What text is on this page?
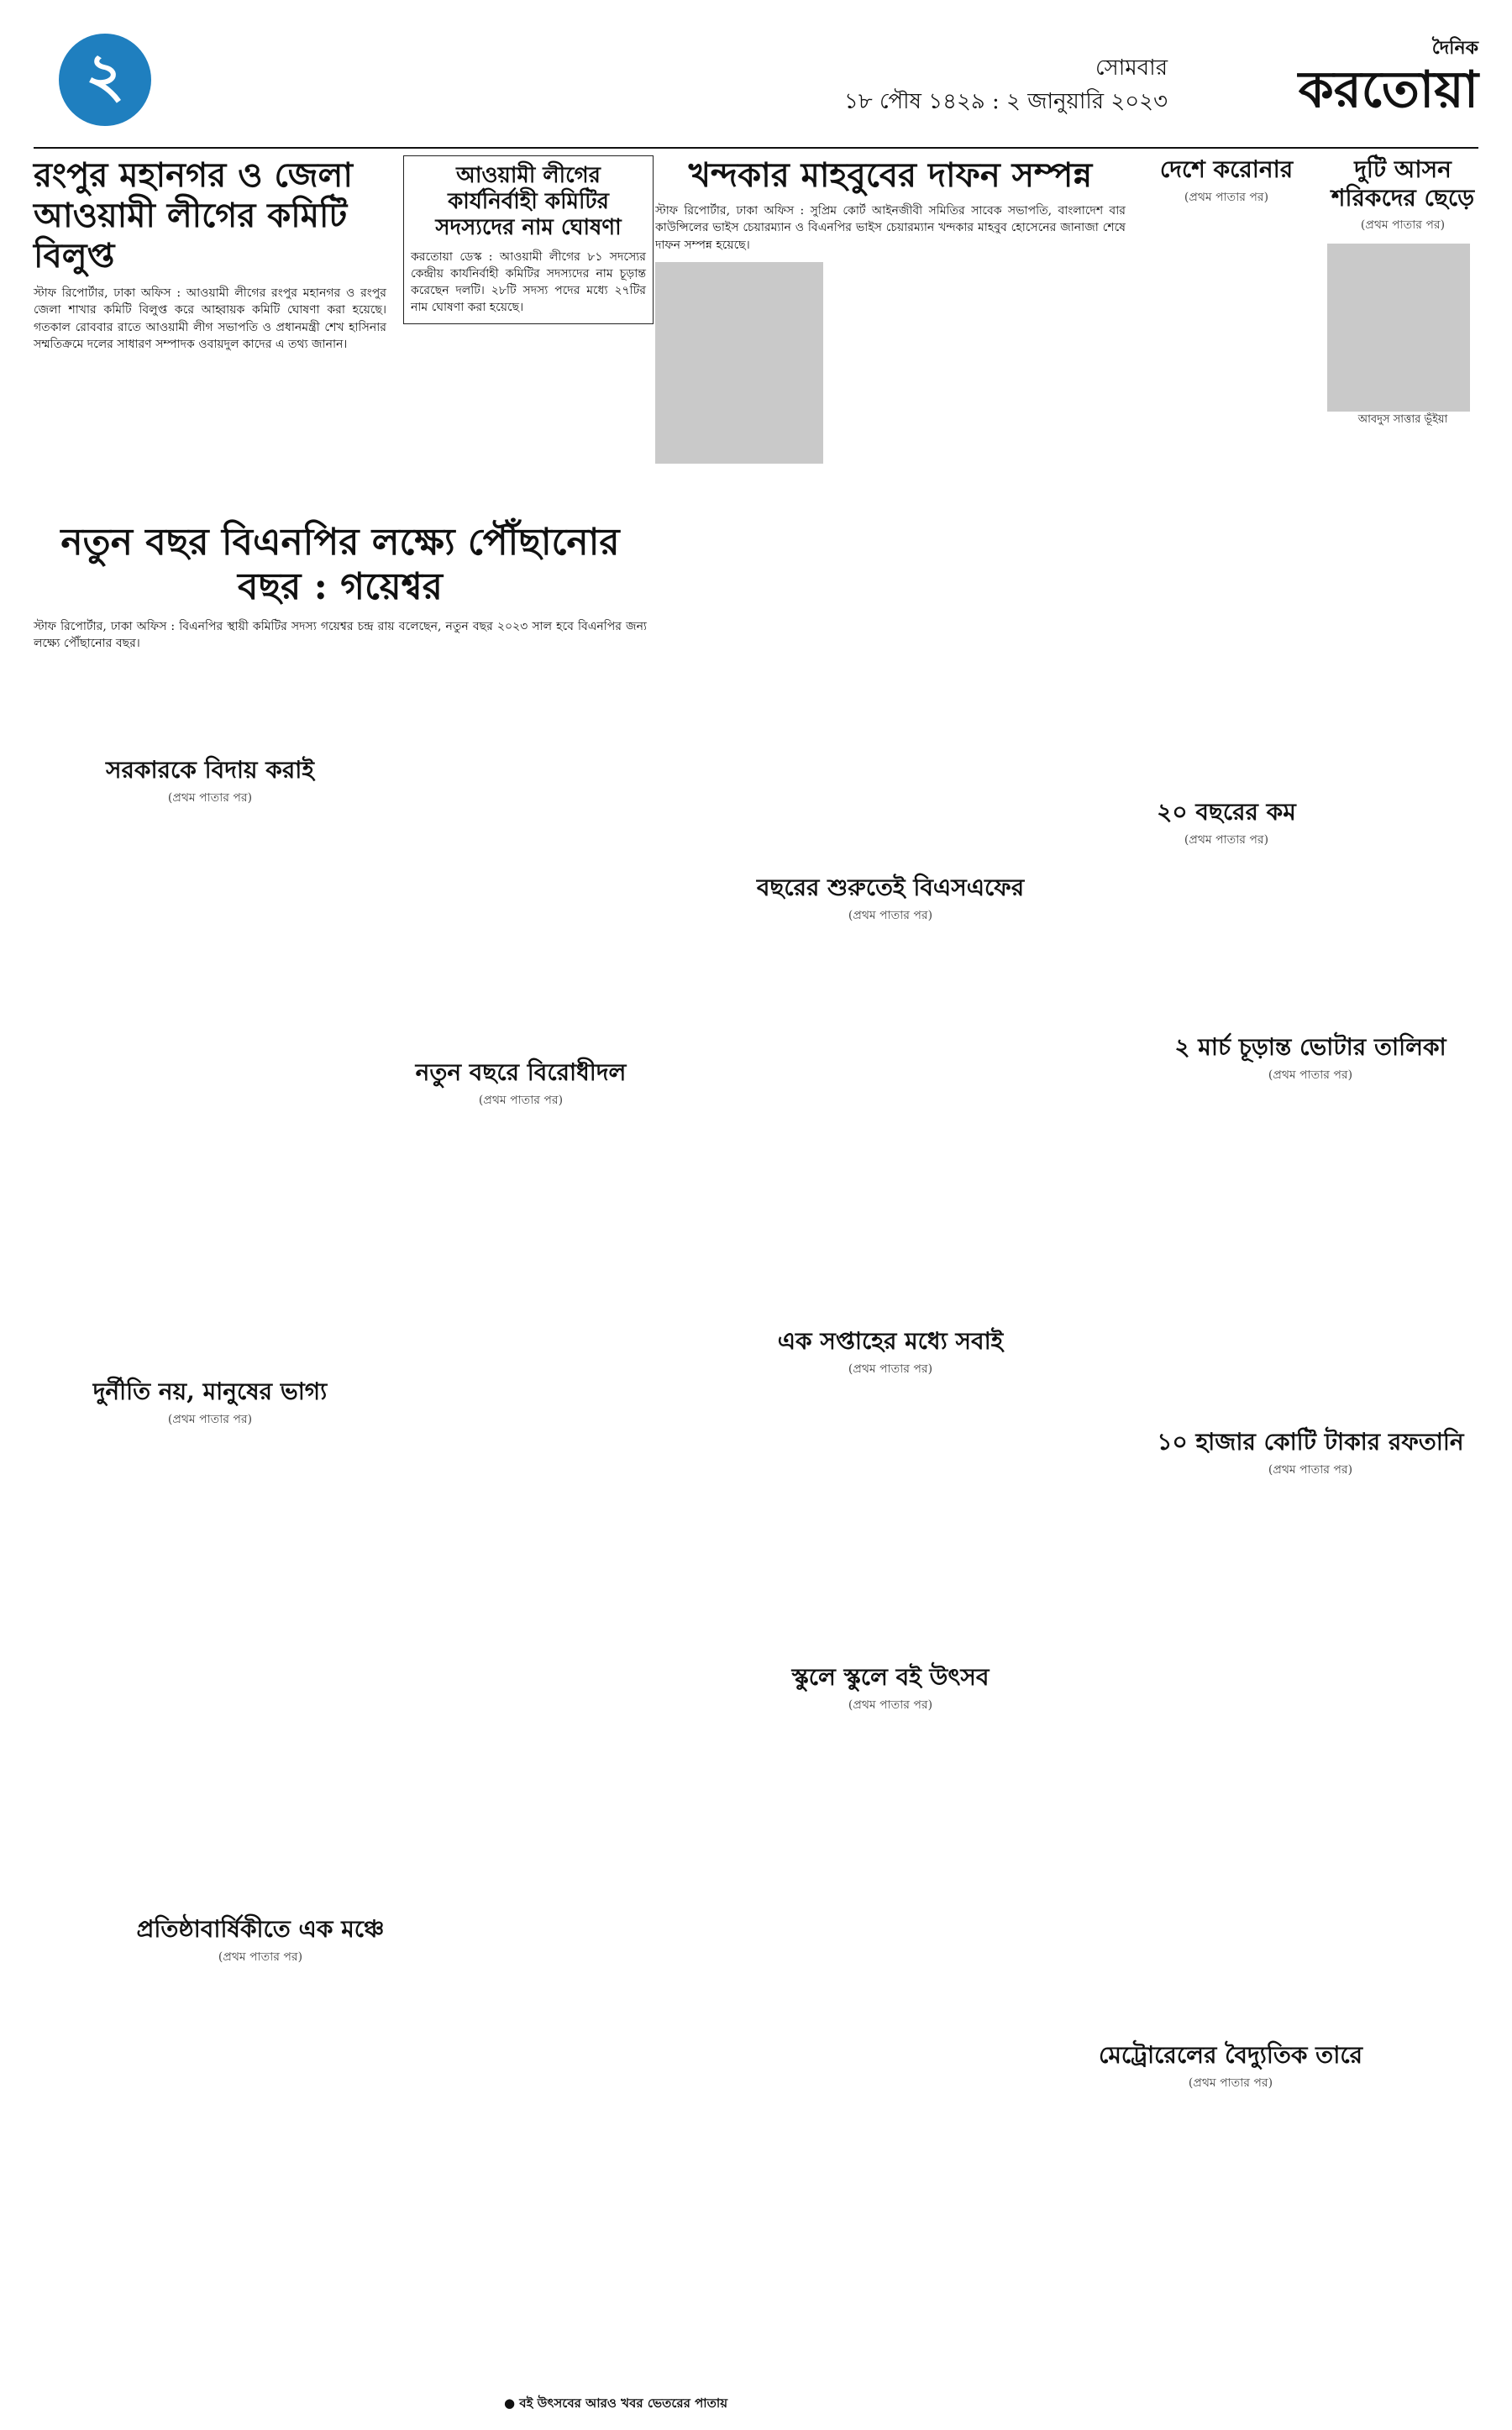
২	সোমবার
১৮ পৌষ ১৪২৯ : ২ জানুয়ারি ২০২৩
দৈনিক
করতোয়া
রংপুর মহানগর ও জেলা আওয়ামী লীগের কমিটি বিলুপ্ত
স্টাফ রিপোর্টার, ঢাকা অফিস : আওয়ামী লীগের রংপুর মহানগর ও রংপুর জেলা শাখার কমিটি বিলুপ্ত করে আহ্বায়ক কমিটি ঘোষণা করা হয়েছে। গতকাল রোববার রাতে আওয়ামী লীগ সভাপতি ও প্রধানমন্ত্রী শেখ হাসিনার সম্মতিক্রমে দলের সাধারণ সম্পাদক ওবায়দুল কাদের এ তথ্য জানান।
নতুন বছর বিএনপির লক্ষ্যে পৌঁছানোর বছর : গয়েশ্বর
স্টাফ রিপোর্টার, ঢাকা অফিস : বিএনপির স্থায়ী কমিটির সদস্য গয়েশ্বর চন্দ্র রায় বলেছেন, নতুন বছর ২০২৩ সাল হবে বিএনপির জন্য লক্ষ্যে পৌঁছানোর বছর।
সরকারকে বিদায় করাই
(প্রথম পাতার পর)
দুর্নীতি নয়, মানুষের ভাগ্য
(প্রথম পাতার পর)
প্রতিষ্ঠাবার্ষিকীতে এক মঞ্চে
(প্রথম পাতার পর)
আওয়ামী লীগের কার্যনির্বাহী কমিটির সদস্যদের নাম ঘোষণা
করতোয়া ডেস্ক : আওয়ামী লীগের ৮১ সদস্যের কেন্দ্রীয় কার্যনির্বাহী কমিটির সদস্যদের নাম চূড়ান্ত করেছেন দলটি। ২৮টি সদস্য পদের মধ্যে ২৭টির নাম ঘোষণা করা হয়েছে।
নতুন বছরে বিরোধীদল
(প্রথম পাতার পর)
খন্দকার মাহবুবের দাফন সম্পন্ন
স্টাফ রিপোর্টার, ঢাকা অফিস : সুপ্রিম কোর্ট আইনজীবী সমিতির সাবেক সভাপতি, বাংলাদেশ বার কাউন্সিলের ভাইস চেয়ারম্যান ও বিএনপির ভাইস চেয়ারম্যান খন্দকার মাহবুব হোসেনের জানাজা শেষে দাফন সম্পন্ন হয়েছে।
বছরের শুরুতেই বিএসএফের
(প্রথম পাতার পর)
এক সপ্তাহের মধ্যে সবাই
(প্রথম পাতার পর)
স্কুলে স্কুলে বই উৎসব
(প্রথম পাতার পর)
● বই উৎসবের আরও খবর ভেতরের পাতায়
দেশে করোনার
(প্রথম পাতার পর)
২০ বছরের কম
(প্রথম পাতার পর)
দুটি আসন শরিকদের ছেড়ে
(প্রথম পাতার পর)
আবদুস সাত্তার ভূঁইয়া
২ মার্চ চূড়ান্ত ভোটার তালিকা
(প্রথম পাতার পর)
১০ হাজার কোটি টাকার রফতানি
(প্রথম পাতার পর)
মেট্রোরেলের বৈদ্যুতিক তারে
(প্রথম পাতার পর)
